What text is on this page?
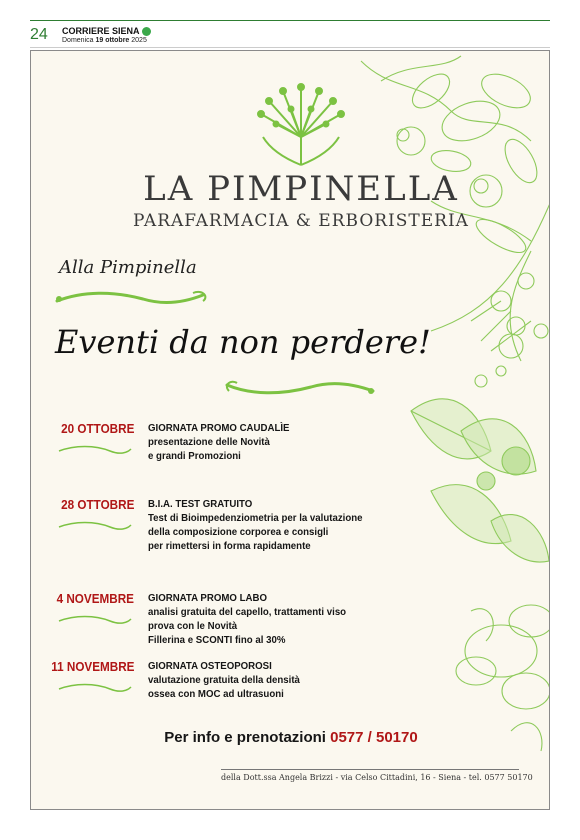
24 CORRIERE SIENA
Domenica 19 ottobre 2025
LA PIMPINELLA
PARAFARMACIA & ERBORISTERIA
Alla Pimpinella
Eventi da non perdere!
20 OTTOBRE GIORNATA PROMO CAUDALÌE
presentazione delle Novità
e grandi Promozioni
28 OTTOBRE B.I.A. TEST GRATUITO
Test di Bioimpedenziometria per la valutazione
della composizione corporea e consigli
per rimettersi in forma rapidamente
4 NOVEMBRE GIORNATA PROMO LABO
analisi gratuita del capello, trattamenti viso
prova con le Novità
Fillerina e SCONTI fino al 30%
11 NOVEMBRE GIORNATA OSTEOPOROSI
valutazione gratuita della densità
ossea con MOC ad ultrasuoni
Per info e prenotazioni 0577 / 50170
della Dott.ssa Angela Brizzi - via Celso Cittadini, 16 - Siena - tel. 0577 50170
